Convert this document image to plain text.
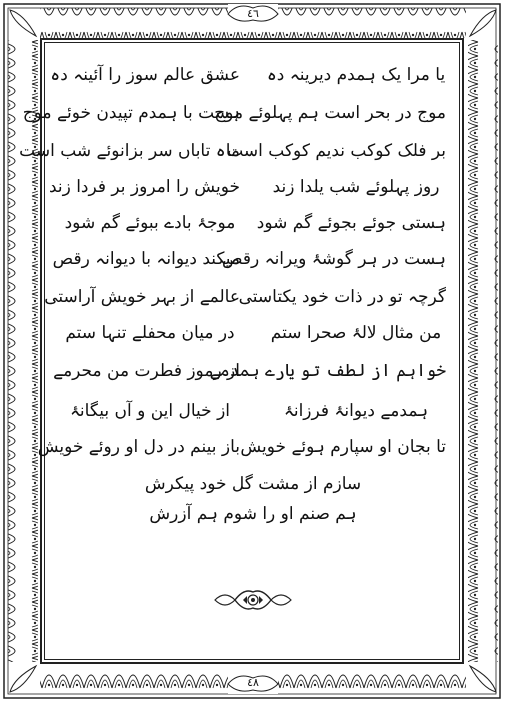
٤٦
٤٨
یا مرا یک ہمدم دیرینہ دہ
عشق عالم سوز را آئینہ دہ
موج در بحر است ہم پہلوئے موج
ہست با ہمدم تپیدن خوئے موج
بر فلک کوکب ندیم کوکب است
ماہ تاباں سر بزانوئے شب است
روز پہلوئے شب یلدا زند
خویش را امروز بر فردا زند
ہستی جوئے بجوئے گم شود
موجۂ بادے ببوئے گم شود
ہست در ہر گوشۂ ویرانہ رقص
میکند دیوانہ با دیوانہ رقص
گرچہ تو در ذات خود یکتاستی
عالمے از بہر خویش آراستی
من مثال لالۂ صحرا ستم
در میان محفلے تنہا ستم
خواہم از لطف تو یارے ہمدمے
از رموز فطرت من محرمے
ہمدمے دیوانۂ فرزانۂ
از خیال این و آں بیگانۂ
تا بجان او سپارم ہوئے خویش
باز بینم در دل او روئے خویش
سازم از مشت گل خود پیکرش
ہم صنم او را شوم ہم آزرش
